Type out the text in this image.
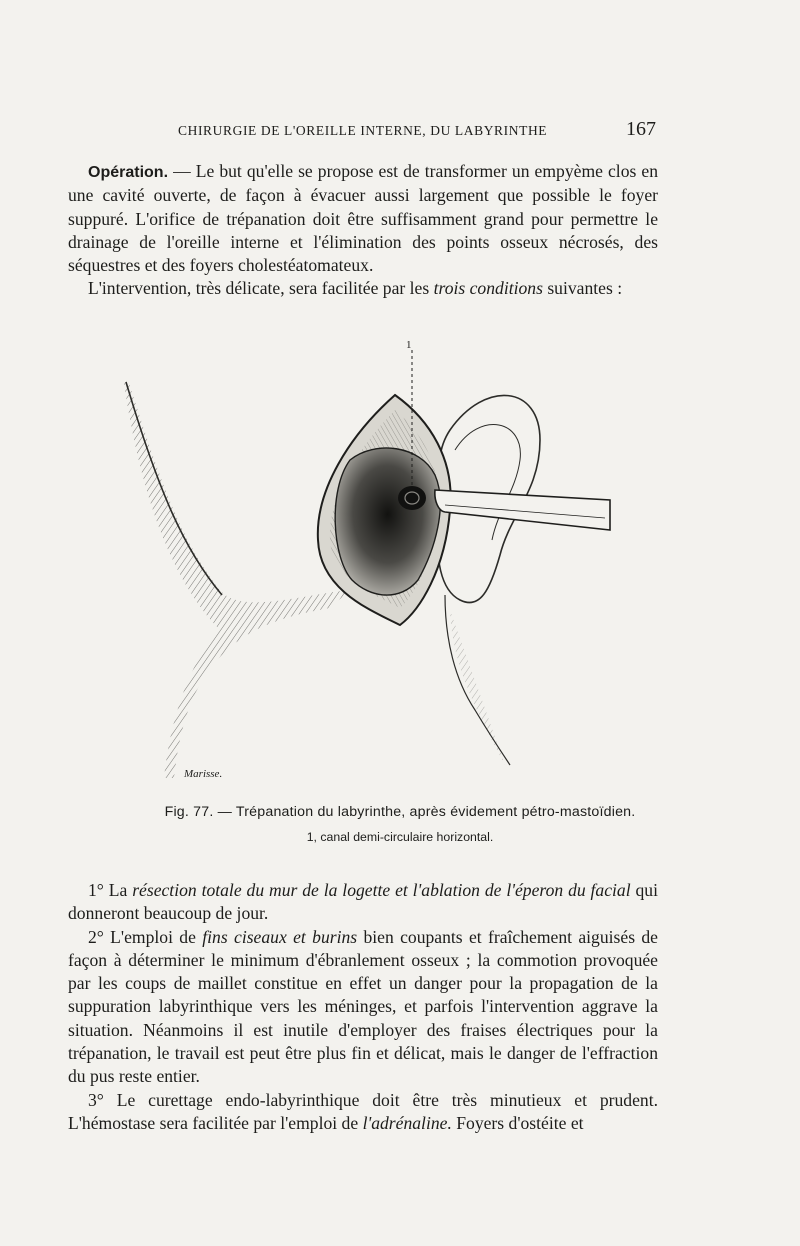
CHIRURGIE DE L'OREILLE INTERNE, DU LABYRINTHE	167

Opération. — Le but qu'elle se propose est de transformer un empyème clos en une cavité ouverte, de façon à évacuer aussi largement que possible le foyer suppuré. L'orifice de trépanation doit être suffisamment grand pour permettre le drainage de l'oreille interne et l'élimination des points osseux nécrosés, des séquestres et des foyers cholestéatomateux.

L'intervention, très délicate, sera facilitée par les trois conditions suivantes :

1
Marisse.
Fig. 77. — Trépanation du labyrinthe, après évidement pétro-mastoïdien.
1, canal demi-circulaire horizontal.

1° La résection totale du mur de la logette et l'ablation de l'éperon du facial qui donneront beaucoup de jour.

2° L'emploi de fins ciseaux et burins bien coupants et fraîchement aiguisés de façon à déterminer le minimum d'ébranlement osseux ; la commotion provoquée par les coups de maillet constitue en effet un danger pour la propagation de la suppuration labyrinthique vers les méninges, et parfois l'intervention aggrave la situation. Néanmoins il est inutile d'employer des fraises électriques pour la trépanation, le travail est peut être plus fin et délicat, mais le danger de l'effraction du pus reste entier.

3° Le curettage endo-labyrinthique doit être très minutieux et prudent. L'hémostase sera facilitée par l'emploi de l'adrénaline. Foyers d'ostéite et
